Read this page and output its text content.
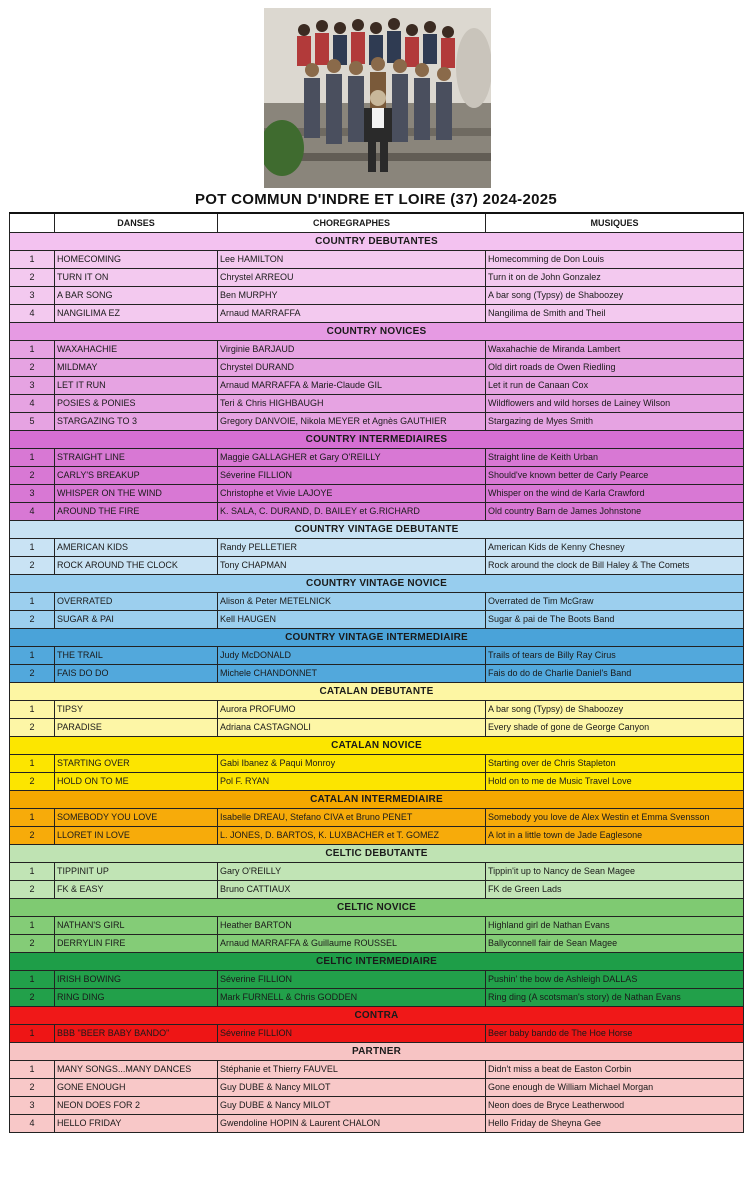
POT COMMUN D'INDRE ET LOIRE (37) 2024-2025
	DANSES	CHOREGRAPHES	MUSIQUES
COUNTRY DEBUTANTES			
1	HOMECOMING	Lee HAMILTON	Homecomming de Don Louis
2	TURN IT ON	Chrystel ARREOU	Turn it on de John Gonzalez
3	A BAR SONG	Ben MURPHY	A bar song (Typsy) de Shaboozey
4	NANGILIMA EZ	Arnaud MARRAFFA	Nangilima de Smith and Theil
COUNTRY NOVICES			
1	WAXAHACHIE	Virginie BARJAUD	Waxahachie de Miranda Lambert
2	MILDMAY	Chrystel DURAND	Old dirt roads de Owen Riedling
3	LET IT RUN	Arnaud MARRAFFA & Marie-Claude GIL	Let it run de Canaan Cox
4	POSIES & PONIES	Teri & Chris HIGHBAUGH	Wildflowers and wild horses de Lainey Wilson
5	STARGAZING TO 3	Gregory DANVOIE, Nikola MEYER et Agnès GAUTHIER	Stargazing de Myes Smith
COUNTRY INTERMEDIAIRES			
1	STRAIGHT LINE	Maggie GALLAGHER et Gary O'REILLY	Straight line de Keith Urban
2	CARLY'S BREAKUP	Séverine FILLION	Should've known better de Carly Pearce
3	WHISPER ON THE WIND	Christophe et Vivie LAJOYE	Whisper on the wind de Karla Crawford
4	AROUND THE FIRE	K. SALA, C. DURAND, D. BAILEY et G.RICHARD	Old country Barn de James Johnstone
COUNTRY VINTAGE DEBUTANTE			
1	AMERICAN KIDS	Randy PELLETIER	American Kids de Kenny Chesney
2	ROCK AROUND THE CLOCK	Tony CHAPMAN	Rock around the clock de Bill Haley & The Comets
COUNTRY VINTAGE NOVICE			
1	OVERRATED	Alison & Peter METELNICK	Overrated de Tim McGraw
2	SUGAR & PAI	Kell HAUGEN	Sugar & pai de The Boots Band
COUNTRY VINTAGE INTERMEDIAIRE			
1	THE TRAIL	Judy McDONALD	Trails of tears de Billy Ray Cirus
2	FAIS DO DO	Michele CHANDONNET	Fais do do de Charlie Daniel's Band
CATALAN DEBUTANTE			
1	TIPSY	Aurora PROFUMO	A bar song (Typsy) de Shaboozey
2	PARADISE	Adriana CASTAGNOLI	Every shade of gone de George Canyon
CATALAN NOVICE			
1	STARTING OVER	Gabi Ibanez & Paqui Monroy	Starting over de Chris Stapleton
2	HOLD ON TO ME	Pol F. RYAN	Hold on to me de Music Travel Love
CATALAN INTERMEDIAIRE			
1	SOMEBODY YOU LOVE	Isabelle DREAU, Stefano CIVA et Bruno PENET	Somebody you love de Alex Westin et Emma Svensson
2	LLORET IN LOVE	L. JONES, D. BARTOS, K. LUXBACHER et T. GOMEZ	A lot in a little town de Jade Eaglesone
CELTIC DEBUTANTE			
1	TIPPINIT UP	Gary O'REILLY	Tippin'it up to Nancy de Sean Magee
2	FK & EASY	Bruno CATTIAUX	FK de Green Lads
CELTIC NOVICE			
1	NATHAN'S GIRL	Heather BARTON	Highland girl de Nathan Evans
2	DERRYLIN FIRE	Arnaud MARRAFFA & Guillaume ROUSSEL	Ballyconnell fair de Sean Magee
CELTIC INTERMEDIAIRE			
1	IRISH BOWING	Séverine FILLION	Pushin' the bow de Ashleigh DALLAS
2	RING DING	Mark FURNELL & Chris GODDEN	Ring ding (A scotsman's story) de Nathan Evans
CONTRA			
1	BBB "BEER BABY BANDO"	Séverine FILLION	Beer baby bando de The Hoe Horse
PARTNER			
1	MANY SONGS...MANY DANCES	Stéphanie et Thierry FAUVEL	Didn't miss a beat de Easton Corbin
2	GONE ENOUGH	Guy DUBE & Nancy MILOT	Gone enough de William Michael Morgan
3	NEON DOES FOR 2	Guy DUBE & Nancy MILOT	Neon does de Bryce Leatherwood
4	HELLO FRIDAY	Gwendoline HOPIN & Laurent CHALON	Hello Friday de Sheyna Gee
